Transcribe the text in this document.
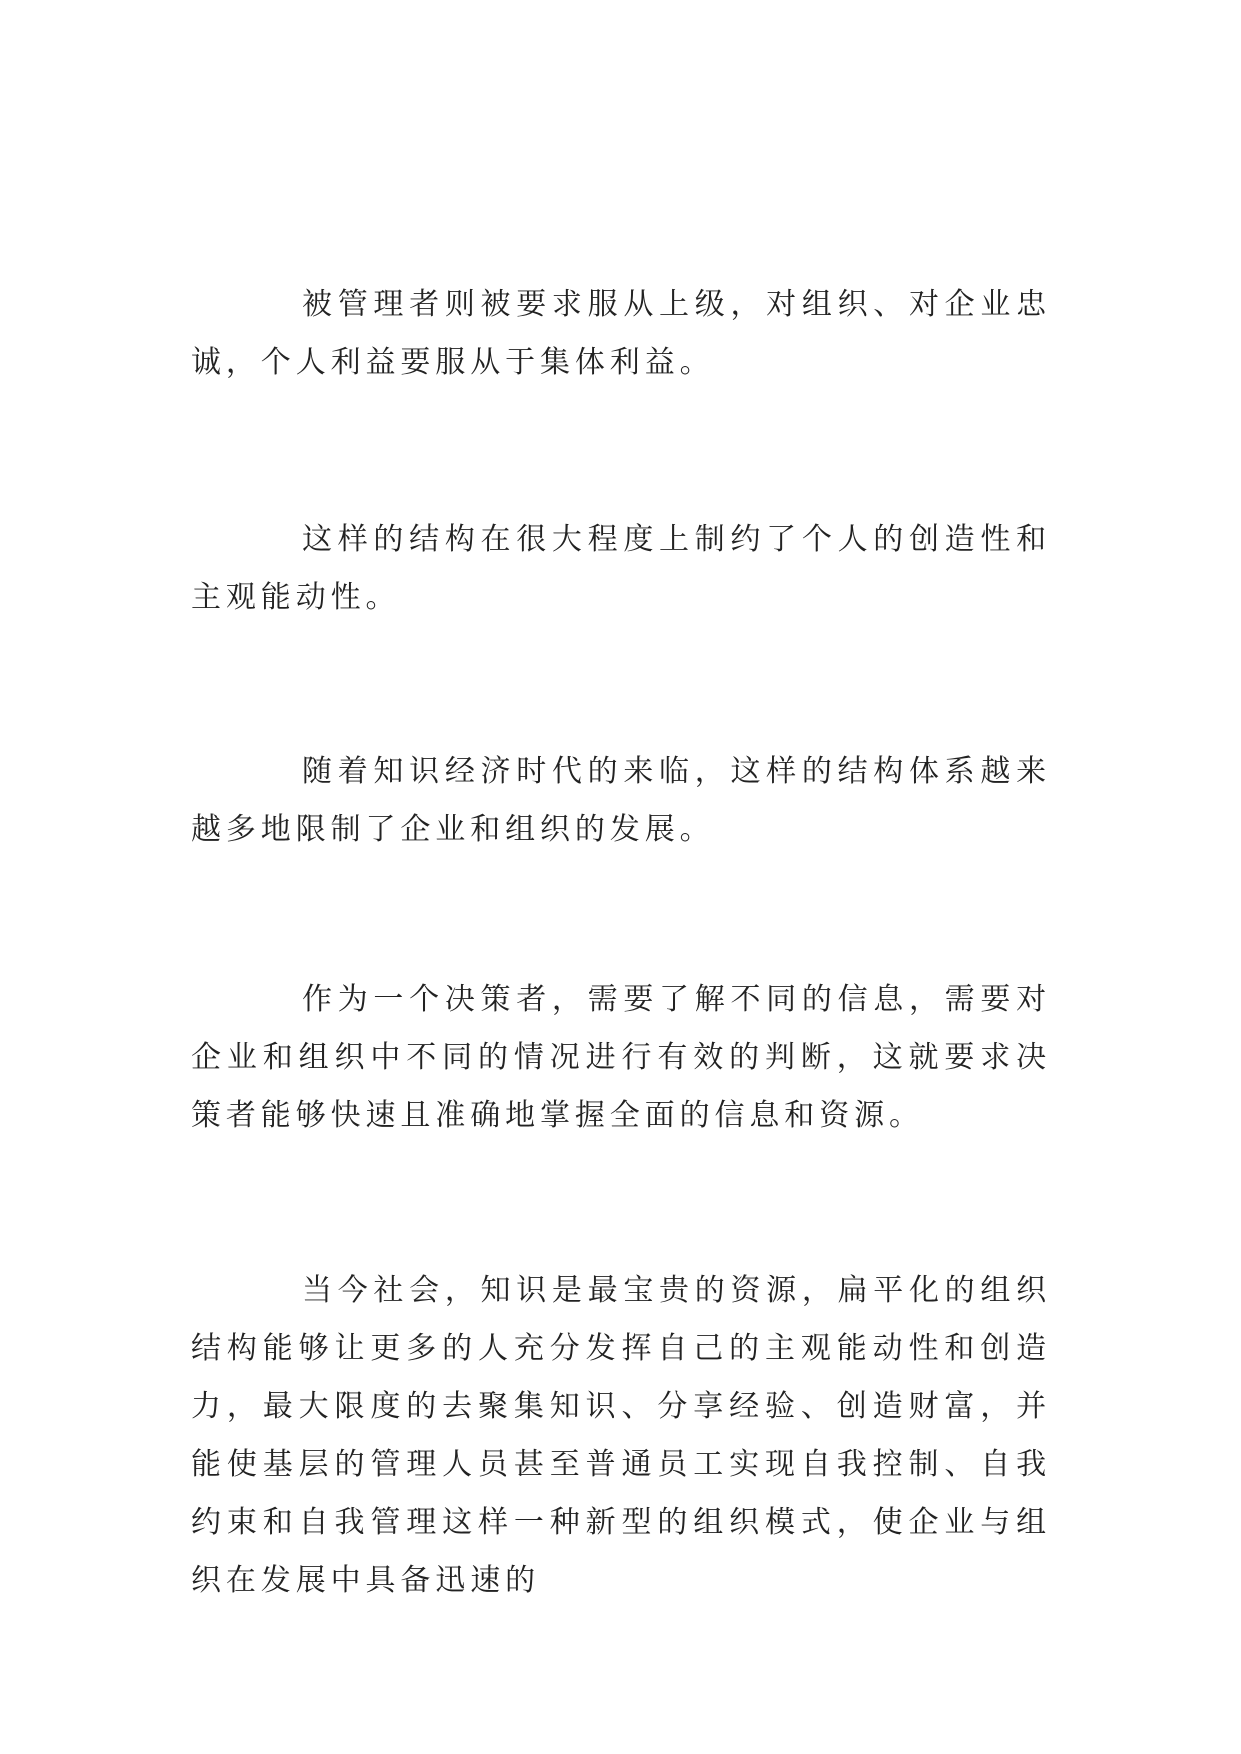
被管理者则被要求服从上级，对组织、对企业忠诚，个人利益要服从于集体利益。

这样的结构在很大程度上制约了个人的创造性和主观能动性。

随着知识经济时代的来临，这样的结构体系越来越多地限制了企业和组织的发展。

作为一个决策者，需要了解不同的信息，需要对企业和组织中不同的情况进行有效的判断，这就要求决策者能够快速且准确地掌握全面的信息和资源。

当今社会，知识是最宝贵的资源，扁平化的组织结构能够让更多的人充分发挥自己的主观能动性和创造力，最大限度的去聚集知识、分享经验、创造财富，并能使基层的管理人员甚至普通员工实现自我控制、自我约束和自我管理这样一种新型的组织模式，使企业与组织在发展中具备迅速的
